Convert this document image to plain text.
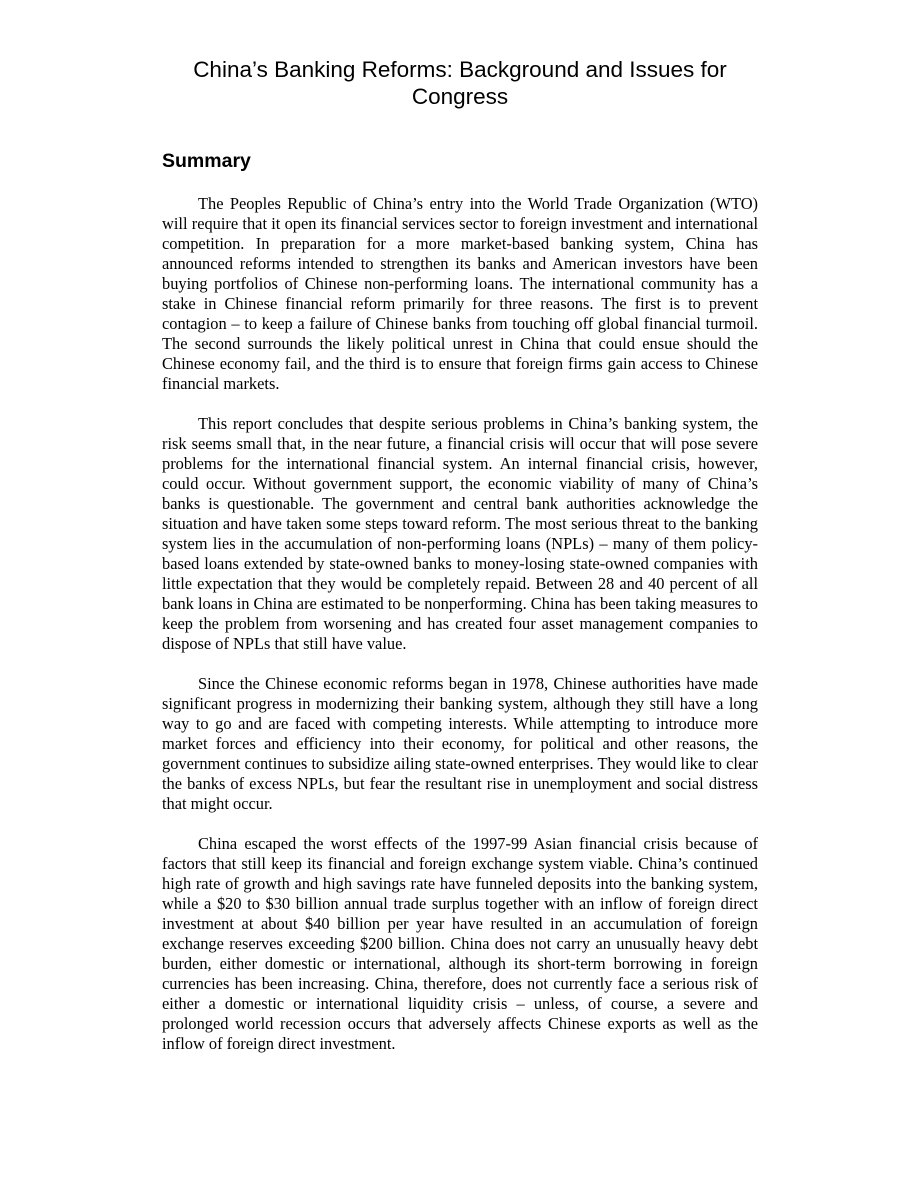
China’s Banking Reforms: Background and Issues for Congress
Summary

The Peoples Republic of China’s entry into the World Trade Organization (WTO) will require that it open its financial services sector to foreign investment and international competition. In preparation for a more market-based banking system, China has announced reforms intended to strengthen its banks and American investors have been buying portfolios of Chinese non-performing loans. The international community has a stake in Chinese financial reform primarily for three reasons. The first is to prevent contagion – to keep a failure of Chinese banks from touching off global financial turmoil. The second surrounds the likely political unrest in China that could ensue should the Chinese economy fail, and the third is to ensure that foreign firms gain access to Chinese financial markets.

This report concludes that despite serious problems in China’s banking system, the risk seems small that, in the near future, a financial crisis will occur that will pose severe problems for the international financial system. An internal financial crisis, however, could occur. Without government support, the economic viability of many of China’s banks is questionable. The government and central bank authorities acknowledge the situation and have taken some steps toward reform. The most serious threat to the banking system lies in the accumulation of non-performing loans (NPLs) – many of them policy-based loans extended by state-owned banks to money-losing state-owned companies with little expectation that they would be completely repaid. Between 28 and 40 percent of all bank loans in China are estimated to be nonperforming. China has been taking measures to keep the problem from worsening and has created four asset management companies to dispose of NPLs that still have value.

Since the Chinese economic reforms began in 1978, Chinese authorities have made significant progress in modernizing their banking system, although they still have a long way to go and are faced with competing interests. While attempting to introduce more market forces and efficiency into their economy, for political and other reasons, the government continues to subsidize ailing state-owned enterprises. They would like to clear the banks of excess NPLs, but fear the resultant rise in unemployment and social distress that might occur.

China escaped the worst effects of the 1997-99 Asian financial crisis because of factors that still keep its financial and foreign exchange system viable. China’s continued high rate of growth and high savings rate have funneled deposits into the banking system, while a $20 to $30 billion annual trade surplus together with an inflow of foreign direct investment at about $40 billion per year have resulted in an accumulation of foreign exchange reserves exceeding $200 billion. China does not carry an unusually heavy debt burden, either domestic or international, although its short-term borrowing in foreign currencies has been increasing. China, therefore, does not currently face a serious risk of either a domestic or international liquidity crisis – unless, of course, a severe and prolonged world recession occurs that adversely affects Chinese exports as well as the inflow of foreign direct investment.
